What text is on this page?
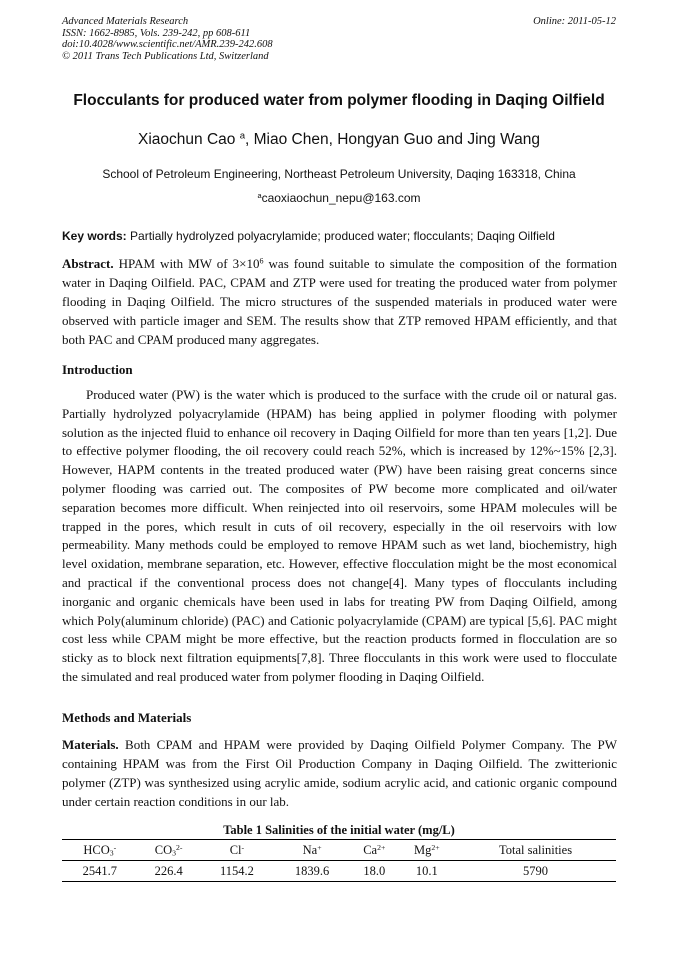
Advanced Materials Research
ISSN: 1662-8985, Vols. 239-242, pp 608-611
doi:10.4028/www.scientific.net/AMR.239-242.608
© 2011 Trans Tech Publications Ltd, Switzerland
Online: 2011-05-12
Flocculants for produced water from polymer flooding in Daqing Oilfield
Xiaochun Cao $^a$, Miao Chen, Hongyan Guo and Jing Wang
School of Petroleum Engineering, Northeast Petroleum University, Daqing 163318, China
$^a$caoxiaochun_nepu@163.com
Key words: Partially hydrolyzed polyacrylamide; produced water; flocculants; Daqing Oilfield
Abstract. HPAM with MW of $3\times 10^6$ was found suitable to simulate the composition of the formation water in Daqing Oilfield. PAC, CPAM and ZTP were used for treating the produced water from polymer flooding in Daqing Oilfield. The micro structures of the suspended materials in produced water were observed with particle imager and SEM. The results show that ZTP removed HPAM efficiently, and that both PAC and CPAM produced many aggregates.
Introduction
Produced water (PW) is the water which is produced to the surface with the crude oil or natural gas. Partially hydrolyzed polyacrylamide (HPAM) has being applied in polymer flooding with polymer solution as the injected fluid to enhance oil recovery in Daqing Oilfield for more than ten years [1,2]. Due to effective polymer flooding, the oil recovery could reach 52%, which is increased by 12%~15% [2,3]. However, HAPM contents in the treated produced water (PW) have been raising great concerns since polymer flooding was carried out. The composites of PW become more complicated and oil/water separation becomes more difficult. When reinjected into oil reservoirs, some HPAM molecules will be trapped in the pores, which result in cuts of oil recovery, especially in the oil reservoirs with low permeability. Many methods could be employed to remove HPAM such as wet land, biochemistry, high level oxidation, membrane separation, etc. However, effective flocculation might be the most economical and practical if the conventional process does not change[4]. Many types of flocculants including inorganic and organic chemicals have been used in labs for treating PW from Daqing Oilfield, among which Poly(aluminum chloride) (PAC) and Cationic polyacrylamide (CPAM) are typical [5,6]. PAC might cost less while CPAM might be more effective, but the reaction products formed in flocculation are so sticky as to block next filtration equipments[7,8]. Three flocculants in this work were used to flocculate the simulated and real produced water from polymer flooding in Daqing Oilfield.
Methods and Materials
Materials. Both CPAM and HPAM were provided by Daqing Oilfield Polymer Company. The PW containing HPAM was from the First Oil Production Company in Daqing Oilfield. The zwitterionic polymer (ZTP) was synthesized using acrylic amide, sodium acrylic acid, and cationic organic compound under certain reaction conditions in our lab.
Table 1 Salinities of the initial water (mg/L)
$HCO_3^-$	$CO_3^{2-}$	Cl-	Na+	$Ca^{2+}$	$Mg^{2+}$	Total salinities
2541.7	226.4	1154.2	1839.6	18.0	10.1	5790
